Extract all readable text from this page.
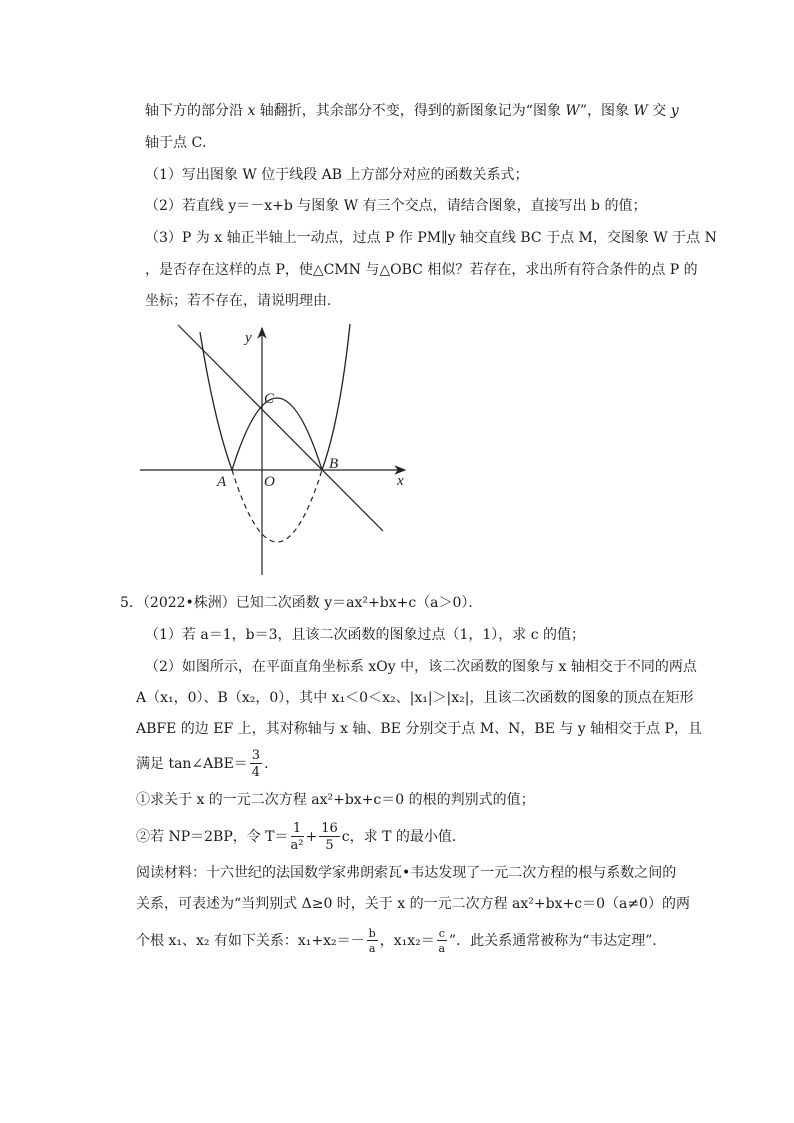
轴下方的部分沿 x 轴翻折，其余部分不变，得到的新图象记为“图象 W”，图象 W 交 y
轴于点 C．
（1）写出图象 W 位于线段 AB 上方部分对应的函数关系式；
（2）若直线 y＝－x+b 与图象 W 有三个交点，请结合图象，直接写出 b 的值；
（3）P 为 x 轴正半轴上一动点，过点 P 作 PM∥y 轴交直线 BC 于点 M，交图象 W 于点 N
，是否存在这样的点 P，使△CMN 与△OBC 相似？若存在，求出所有符合条件的点 P 的
坐标；若不存在，请说明理由．
y
x
C
A	O
B
5．（2022•株洲）已知二次函数 y＝ax²+bx+c（a＞0）．
（1）若 a＝1，b＝3，且该二次函数的图象过点（1，1），求 c 的值；
（2）如图所示，在平面直角坐标系 xOy 中，该二次函数的图象与 x 轴相交于不同的两点
A（x₁，0）、B（x₂，0），其中 x₁＜0＜x₂、|x₁|＞|x₂|，且该二次函数的图象的顶点在矩形
ABFE 的边 EF 上，其对称轴与 x 轴、BE 分别交于点 M、N，BE 与 y 轴相交于点 P，且
满足 tan∠ABE＝ $\frac{3}{4}$ ．
①求关于 x 的一元二次方程 ax²+bx+c＝0 的根的判别式的值；
②若 NP＝2BP，令 $T= \frac{1}{\text{a²}} + \frac{16}{5}$ c，求 T 的最小值．
阅读材料：十六世纪的法国数学家弗朗索瓦•韦达发现了一元二次方程的根与系数之间的
关系，可表述为“当判别式 Δ≥0 时，关于 x 的一元二次方程 ax²+bx+c＝0（a≠0）的两
个根 x₁、x₂ 有如下关系：$x_1+x_2=- \frac{b}{a}$ ，$x_1x_2= \frac{c}{a}$ ”．此关系通常被称为“韦达定理”．
